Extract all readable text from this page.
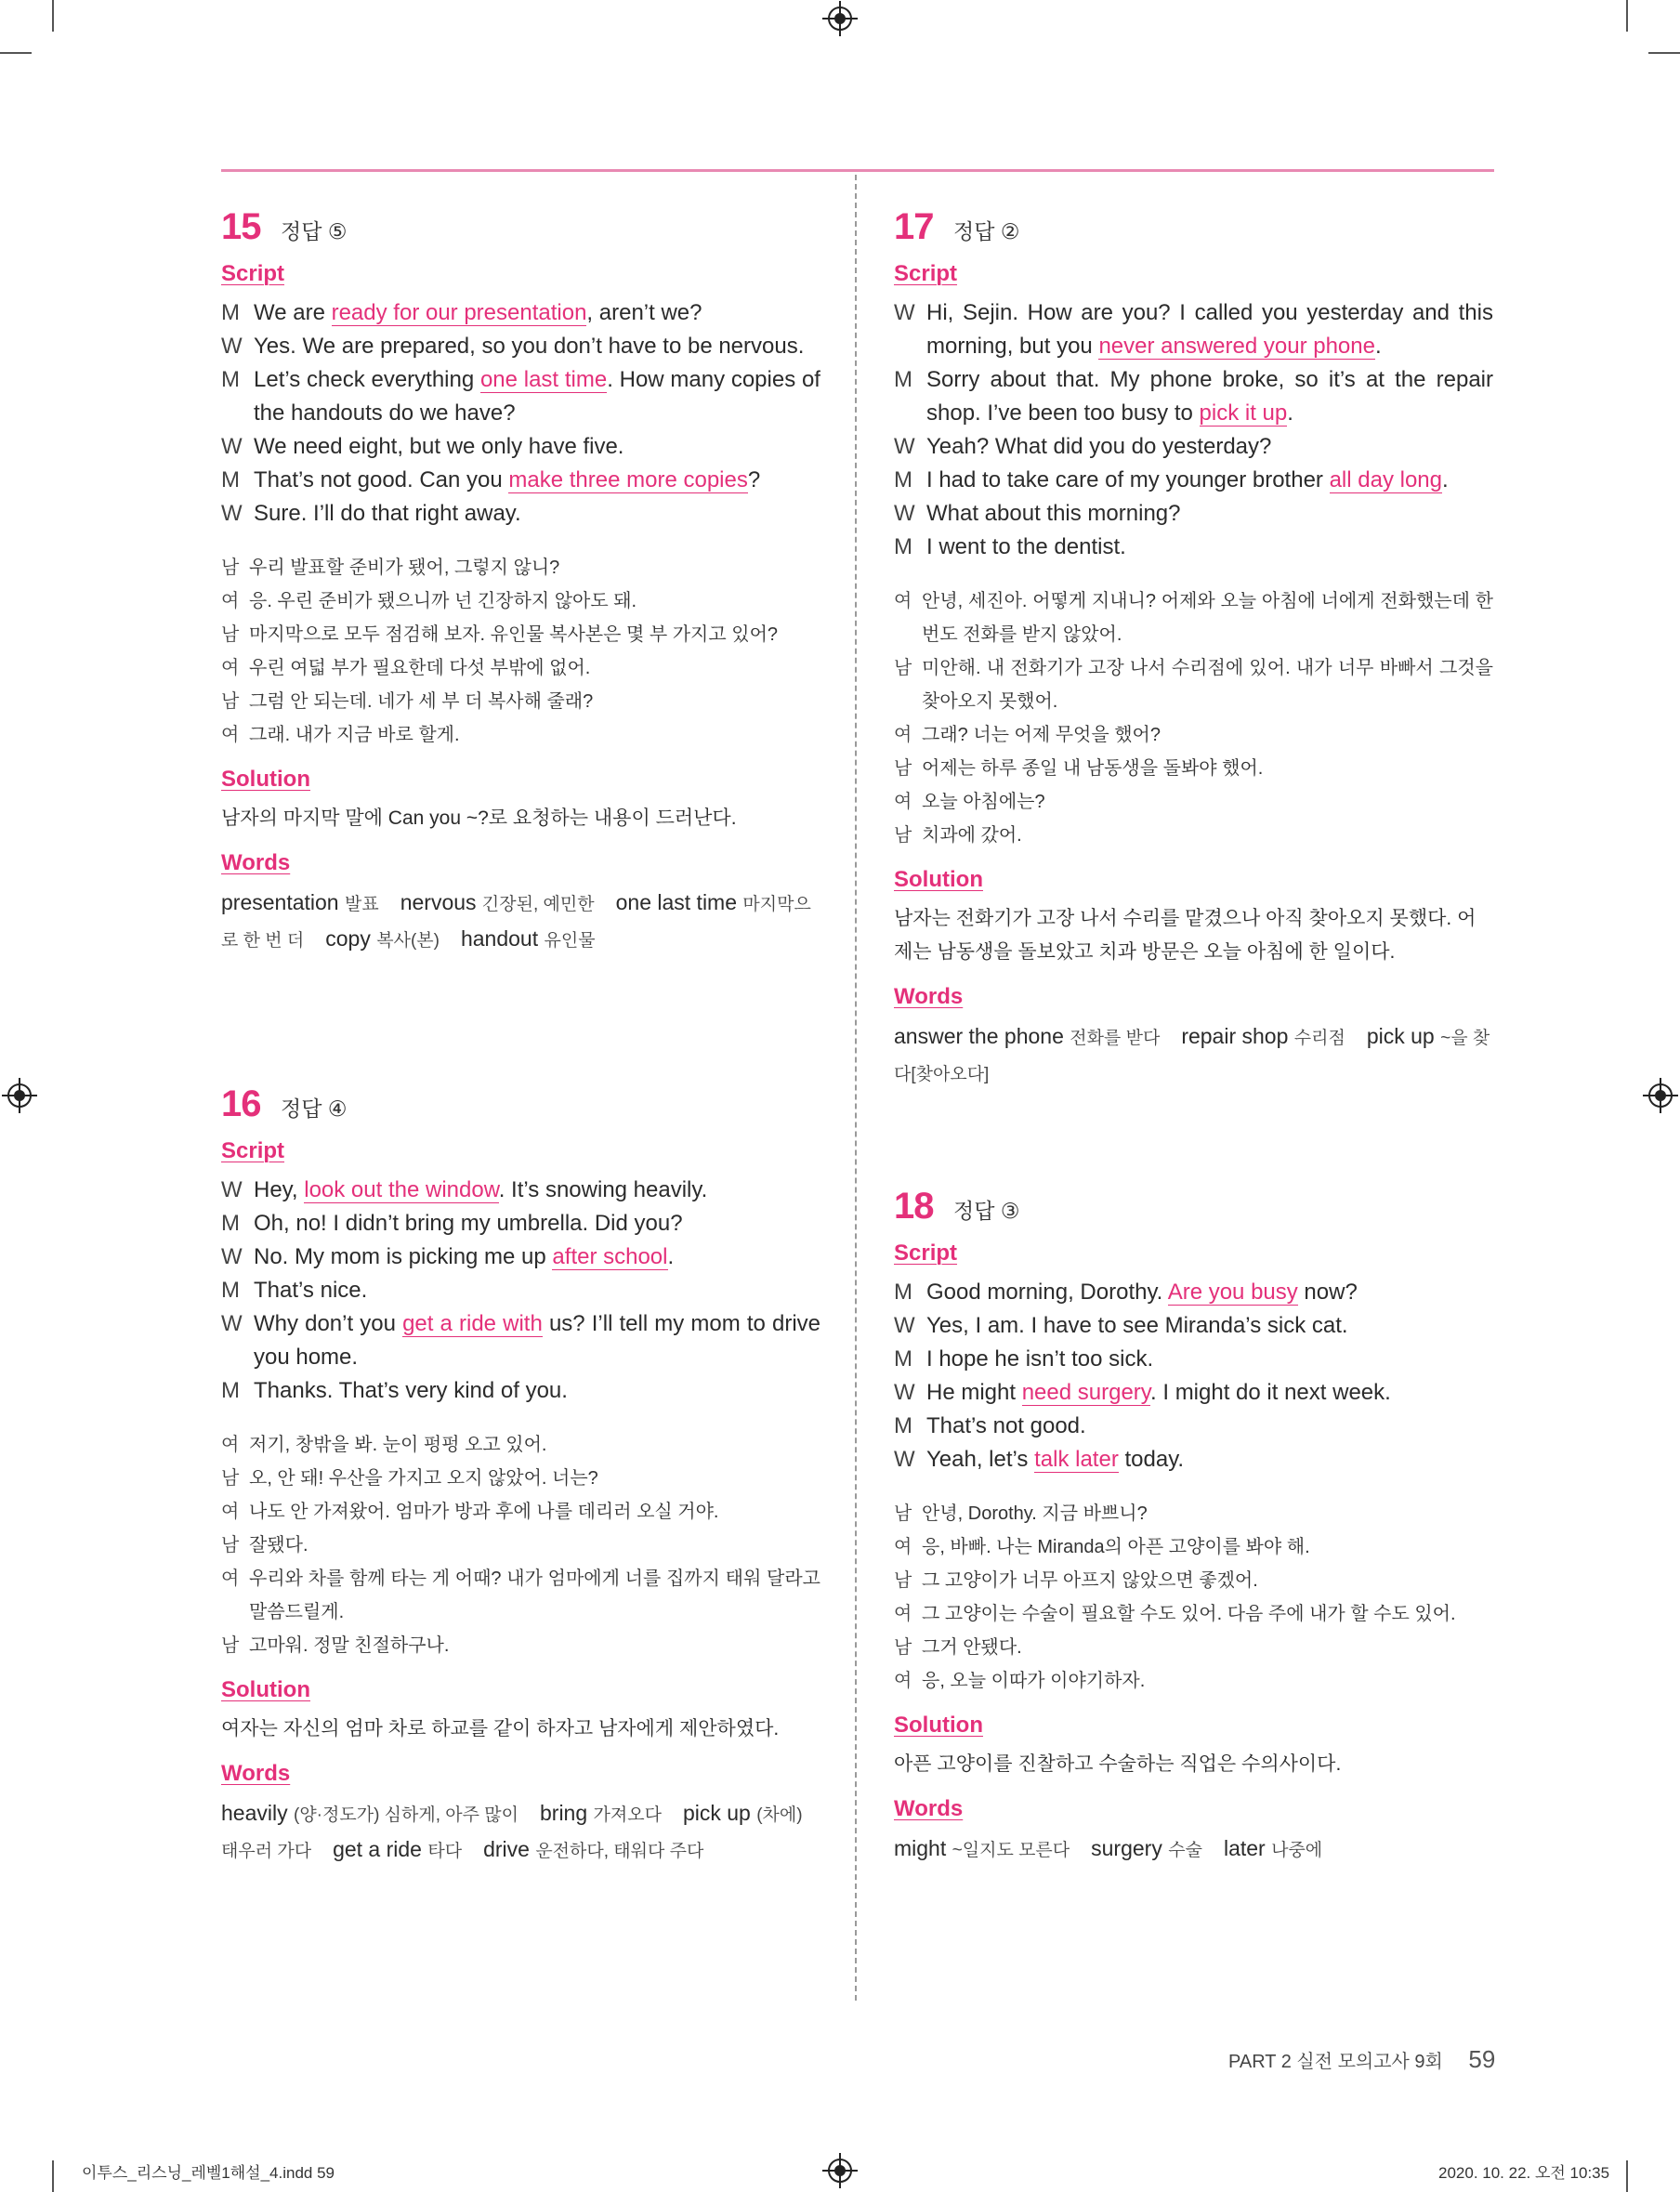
15 정답 ⑤
Script
M We are ready for our presentation, aren’t we?
W Yes. We are prepared, so you don’t have to be nervous.
M Let’s check everything one last time. How many copies of the handouts do we have?
W We need eight, but we only have five.
M That’s not good. Can you make three more copies?
W Sure. I’ll do that right away.
남 우리 발표할 준비가 됐어, 그렇지 않니?
여 응. 우린 준비가 됐으니까 넌 긴장하지 않아도 돼.
남 마지막으로 모두 점검해 보자. 유인물 복사본은 몇 부 가지고 있어?
여 우린 여덟 부가 필요한데 다섯 부밖에 없어.
남 그럼 안 되는데. 네가 세 부 더 복사해 줄래?
여 그래. 내가 지금 바로 할게.
Solution
남자의 마지막 말에 Can you ~?로 요청하는 내용이 드러난다.
Words
presentation 발표  nervous 긴장된, 예민한  one last time 마지막으로 한 번 더  copy 복사(본)  handout 유인물 
16 정답 ④
Script
W Hey, look out the window. It’s snowing heavily.
M Oh, no! I didn’t bring my umbrella. Did you?
W No. My mom is picking me up after school.
M That’s nice.
W Why don’t you get a ride with us? I’ll tell my mom to drive you home.
M Thanks. That’s very kind of you.
여 저기, 창밖을 봐. 눈이 펑펑 오고 있어.
남 오, 안 돼! 우산을 가지고 오지 않았어. 너는?
여 나도 안 가져왔어. 엄마가 방과 후에 나를 데리러 오실 거야.
남 잘됐다.
여 우리와 차를 함께 타는 게 어때? 내가 엄마에게 너를 집까지 태워 달라고 말씀드릴게.
남 고마워. 정말 친절하구나.
Solution
여자는 자신의 엄마 차로 하교를 같이 하자고 남자에게 제안하였다.
Words
heavily (양·정도가) 심하게, 아주 많이  bring 가져오다  pick up (차에) 태우러 가다  get a ride 타다  drive 운전하다, 태워다 주다 
17 정답 ②
Script
W Hi, Sejin. How are you? I called you yesterday and this morning, but you never answered your phone.
M Sorry about that. My phone broke, so it’s at the repair shop. I’ve been too busy to pick it up.
W Yeah? What did you do yesterday?
M I had to take care of my younger brother all day long.
W What about this morning?
M I went to the dentist.
여 안녕, 세진아. 어떻게 지내니? 어제와 오늘 아침에 너에게 전화했는데 한 번도 전화를 받지 않았어.
남 미안해. 내 전화기가 고장 나서 수리점에 있어. 내가 너무 바빠서 그것을 찾아오지 못했어.
여 그래? 너는 어제 무엇을 했어?
남 어제는 하루 종일 내 남동생을 돌봐야 했어.
여 오늘 아침에는?
남 치과에 갔어.
Solution
남자는 전화기가 고장 나서 수리를 맡겼으나 아직 찾아오지 못했다. 어제는 남동생을 돌보았고 치과 방문은 오늘 아침에 한 일이다.
Words
answer the phone 전화를 받다  repair shop 수리점  pick up ~을 찾다[찾아오다] 
18 정답 ③
Script
M Good morning, Dorothy. Are you busy now?
W Yes, I am. I have to see Miranda’s sick cat.
M I hope he isn’t too sick.
W He might need surgery. I might do it next week.
M That’s not good.
W Yeah, let’s talk later today.
남 안녕, Dorothy. 지금 바쁘니?
여 응, 바빠. 나는 Miranda의 아픈 고양이를 봐야 해.
남 그 고양이가 너무 아프지 않았으면 좋겠어.
여 그 고양이는 수술이 필요할 수도 있어. 다음 주에 내가 할 수도 있어.
남 그거 안됐다.
여 응, 오늘 이따가 이야기하자.
Solution
아픈 고양이를 진찰하고 수술하는 직업은 수의사이다.
Words
might ~일지도 모른다  surgery 수술  later 나중에 
PART 2 실전 모의고사 9회 59
이투스_리스닝_레벨1해설_4.indd 59	2020. 10. 22. 오전 10:35
